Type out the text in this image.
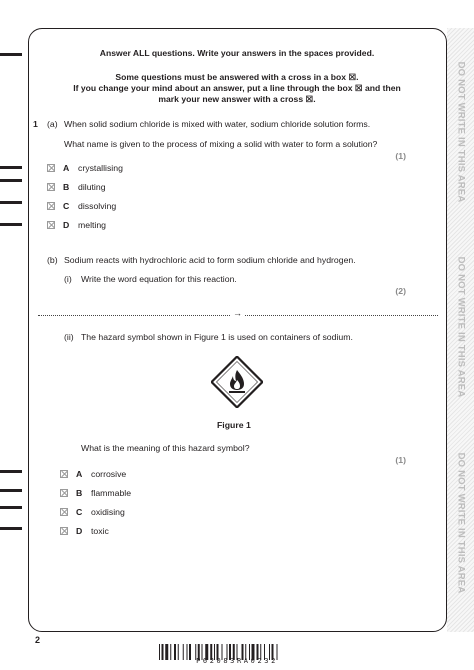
DO NOT WRITE IN THIS AREA
DO NOT WRITE IN THIS AREA
DO NOT WRITE IN THIS AREA
Answer ALL questions. Write your answers in the spaces provided.
Some questions must be answered with a cross in a box ☒.
If you change your mind about an answer, put a line through the box ☒ and then
mark your new answer with a cross ☒.
1 (a) When solid sodium chloride is mixed with water, sodium chloride solution forms.
What name is given to the process of mixing a solid with water to form a solution?
(1)
A	crystallising
B	diluting
C	dissolving
D	melting
(b) Sodium reacts with hydrochloric acid to form sodium chloride and hydrogen.
(i) Write the word equation for this reaction.
(2)
→
(ii) The hazard symbol shown in Figure 1 is used on containers of sodium.
Figure 1
What is the meaning of this hazard symbol?
(1)
A	corrosive
B	flammable
C	oxidising
D	toxic
2
P62083RA0232
